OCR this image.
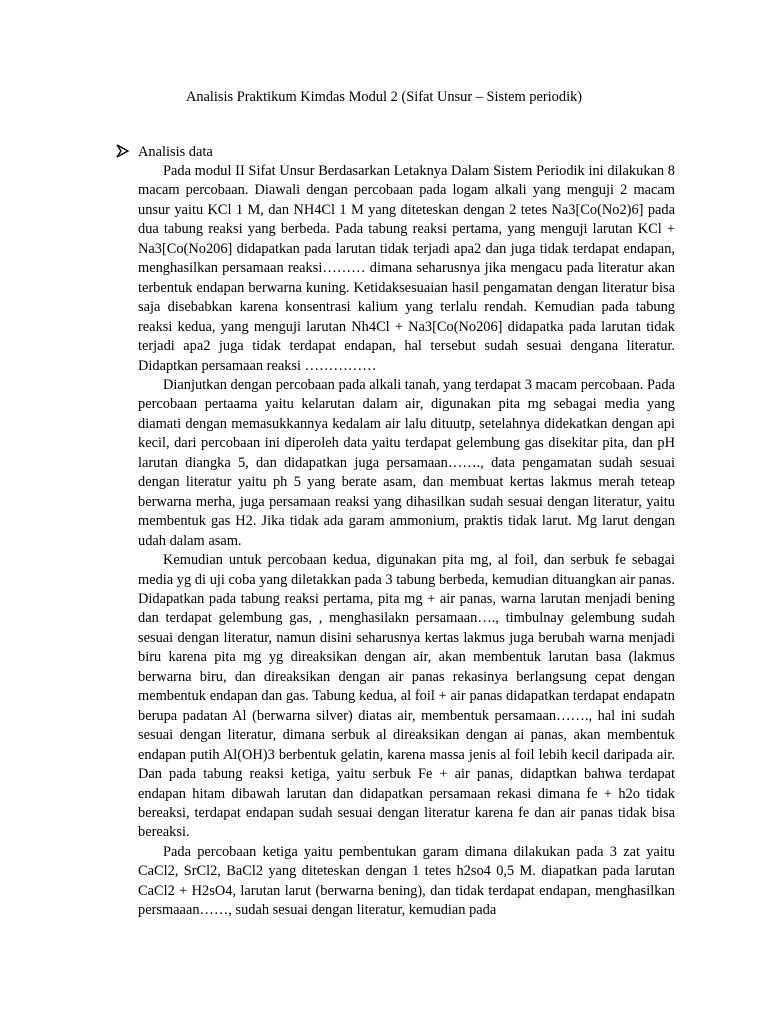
Analisis Praktikum Kimdas Modul 2 (Sifat Unsur – Sistem periodik)
Analisis data

Pada modul II Sifat Unsur Berdasarkan Letaknya Dalam Sistem Periodik ini dilakukan 8 macam percobaan. Diawali dengan percobaan pada logam alkali yang menguji 2 macam unsur yaitu KCl 1 M, dan NH4Cl 1 M yang diteteskan dengan 2 tetes Na3[Co(No2)6] pada dua tabung reaksi yang berbeda. Pada tabung reaksi pertama, yang menguji larutan KCl + Na3[Co(No206] didapatkan pada larutan tidak terjadi apa2 dan juga tidak terdapat endapan, menghasilkan persamaan reaksi……… dimana seharusnya jika mengacu pada literatur akan terbentuk endapan berwarna kuning. Ketidaksesuaian hasil pengamatan dengan literatur bisa saja disebabkan karena konsentrasi kalium yang terlalu rendah. Kemudian pada tabung reaksi kedua, yang menguji larutan Nh4Cl + Na3[Co(No206] didapatka pada larutan tidak terjadi apa2 juga tidak terdapat endapan, hal tersebut sudah sesuai dengana literatur. Didaptkan persamaan reaksi ……………

Dianjutkan dengan percobaan pada alkali tanah, yang terdapat 3 macam percobaan. Pada percobaan pertaama yaitu kelarutan dalam air, digunakan pita mg sebagai media yang diamati dengan memasukkannya kedalam air lalu dituutp, setelahnya didekatkan dengan api kecil, dari percobaan ini diperoleh data yaitu terdapat gelembung gas disekitar pita, dan pH larutan diangka 5, dan didapatkan juga persamaan……., data pengamatan sudah sesuai dengan literatur yaitu ph 5 yang berate asam, dan membuat kertas lakmus merah teteap berwarna merha, juga persamaan reaksi yang dihasilkan sudah sesuai dengan literatur, yaitu membentuk gas H2. Jika tidak ada garam ammonium, praktis tidak larut. Mg larut dengan udah dalam asam.

Kemudian untuk percobaan kedua, digunakan pita mg, al foil, dan serbuk fe sebagai media yg di uji coba yang diletakkan pada 3 tabung berbeda, kemudian dituangkan air panas. Didapatkan pada tabung reaksi pertama, pita mg + air panas, warna larutan menjadi bening dan terdapat gelembung gas, , menghasilakn persamaan…., timbulnay gelembung sudah sesuai dengan literatur, namun disini seharusnya kertas lakmus juga berubah warna menjadi biru karena pita mg yg direaksikan dengan air, akan membentuk larutan basa (lakmus berwarna biru, dan direaksikan dengan air panas rekasinya berlangsung cepat dengan membentuk endapan dan gas. Tabung kedua, al foil + air panas didapatkan terdapat endapatn berupa padatan Al (berwarna silver) diatas air, membentuk persamaan……., hal ini sudah sesuai dengan literatur, dimana serbuk al direaksikan dengan ai panas, akan membentuk endapan putih Al(OH)3 berbentuk gelatin, karena massa jenis al foil lebih kecil daripada air. Dan pada tabung reaksi ketiga, yaitu serbuk Fe + air panas, didaptkan bahwa terdapat endapan hitam dibawah larutan dan didapatkan persamaan rekasi dimana fe + h2o tidak bereaksi, terdapat endapan sudah sesuai dengan literatur karena fe dan air panas tidak bisa bereaksi.

Pada percobaan ketiga yaitu pembentukan garam dimana dilakukan pada 3 zat yaitu CaCl2, SrCl2, BaCl2 yang diteteskan dengan 1 tetes h2so4 0,5 M. diapatkan pada larutan CaCl2 + H2sO4, larutan larut (berwarna bening), dan tidak terdapat endapan, menghasilkan persmaaan……, sudah sesuai dengan literatur, kemudian pada
